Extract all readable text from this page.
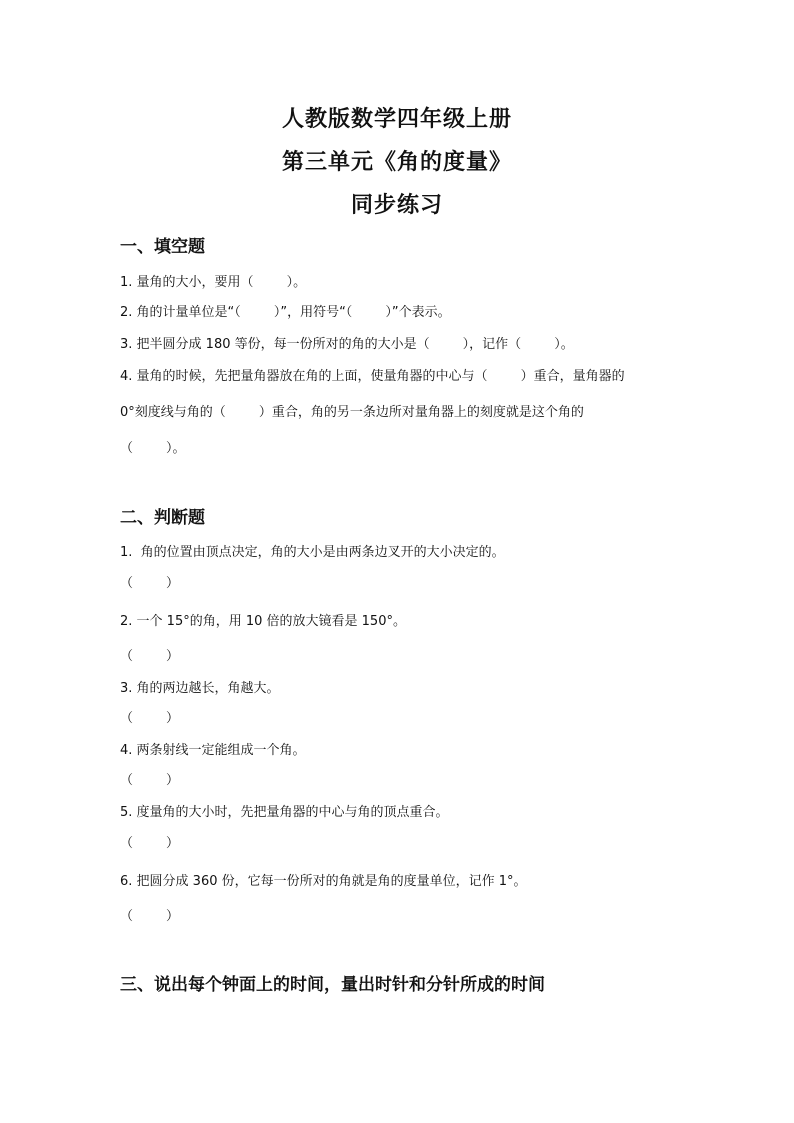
人教版数学四年级上册
第三单元《角的度量》
同步练习
一、填空题
1. 量角的大小，要用（        ）。
2. 角的计量单位是“（        ）”，用符号“（        ）”个表示。
3. 把半圆分成 180 等份，每一份所对的角的大小是（        ），记作（        ）。
4. 量角的时候，先把量角器放在角的上面，使量角器的中心与（        ）重合，量角器的
0°刻度线与角的（        ）重合，角的另一条边所对量角器上的刻度就是这个角的
（        ）。
二、判断题
1.  角的位置由顶点决定，角的大小是由两条边叉开的大小决定的。
（        ）
2. 一个 15°的角，用 10 倍的放大镜看是 150°。
（        ）
3. 角的两边越长，角越大。
（        ）
4. 两条射线一定能组成一个角。
（        ）
5. 度量角的大小时，先把量角器的中心与角的顶点重合。
（        ）
6. 把圆分成 360 份，它每一份所对的角就是角的度量单位，记作 1°。
（        ）
三、说出每个钟面上的时间，量出时针和分针所成的时间
